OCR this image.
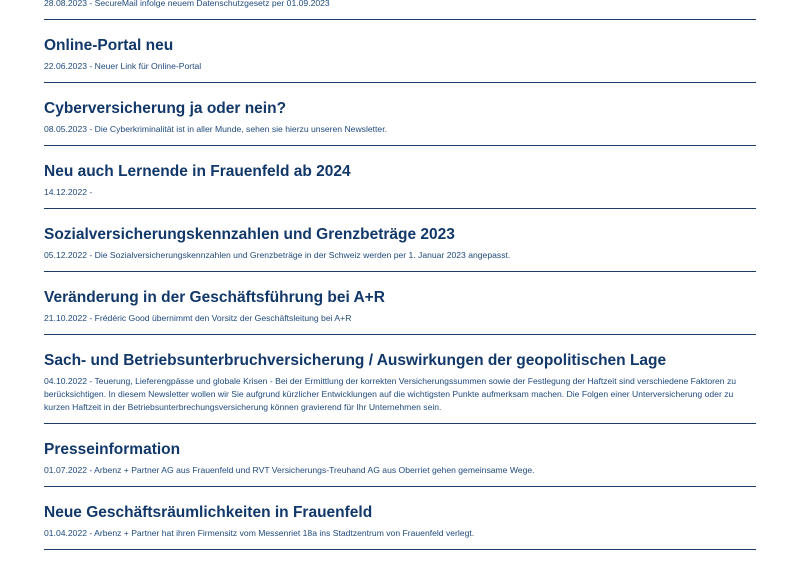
28.08.2023 - SecureMail infolge neuem Datenschutzgesetz per 01.09.2023

Online-Portal neu

22.06.2023 - Neuer Link für Online-Portal

Cyberversicherung ja oder nein?

08.05.2023 - Die Cyberkriminalität ist in aller Munde, sehen sie hierzu unseren Newsletter.

Neu auch Lernende in Frauenfeld ab 2024

14.12.2022 -

Sozialversicherungskennzahlen und Grenzbeträge 2023

05.12.2022 - Die Sozialversicherungskennzahlen und Grenzbeträge in der Schweiz werden per 1. Januar 2023 angepasst.

Veränderung in der Geschäftsführung bei A+R

21.10.2022 - Frédéric Good übernimmt den Vorsitz der Geschäftsleitung bei A+R

Sach- und Betriebsunterbruchversicherung / Auswirkungen der geopolitischen Lage

04.10.2022 - Teuerung, Lieferengpässe und globale Krisen - Bei der Ermittlung der korrekten Versicherungssummen sowie der Festlegung der Haftzeit sind verschiedene Faktoren zu berücksichtigen. In diesem Newsletter wollen wir Sie aufgrund kürzlicher Entwicklungen auf die wichtigsten Punkte aufmerksam machen. Die Folgen einer Unterversicherung oder zu kurzen Haftzeit in der Betriebsunterbrechungsversicherung können gravierend für Ihr Unternehmen sein.

Presseinformation

01.07.2022 - Arbenz + Partner AG aus Frauenfeld und RVT Versicherungs-Treuhand AG aus Oberriet gehen gemeinsame Wege.

Neue Geschäftsräumlichkeiten in Frauenfeld

01.04.2022 - Arbenz + Partner hat ihren Firmensitz vom Messenriet 18a ins Stadtzentrum von Frauenfeld verlegt.
